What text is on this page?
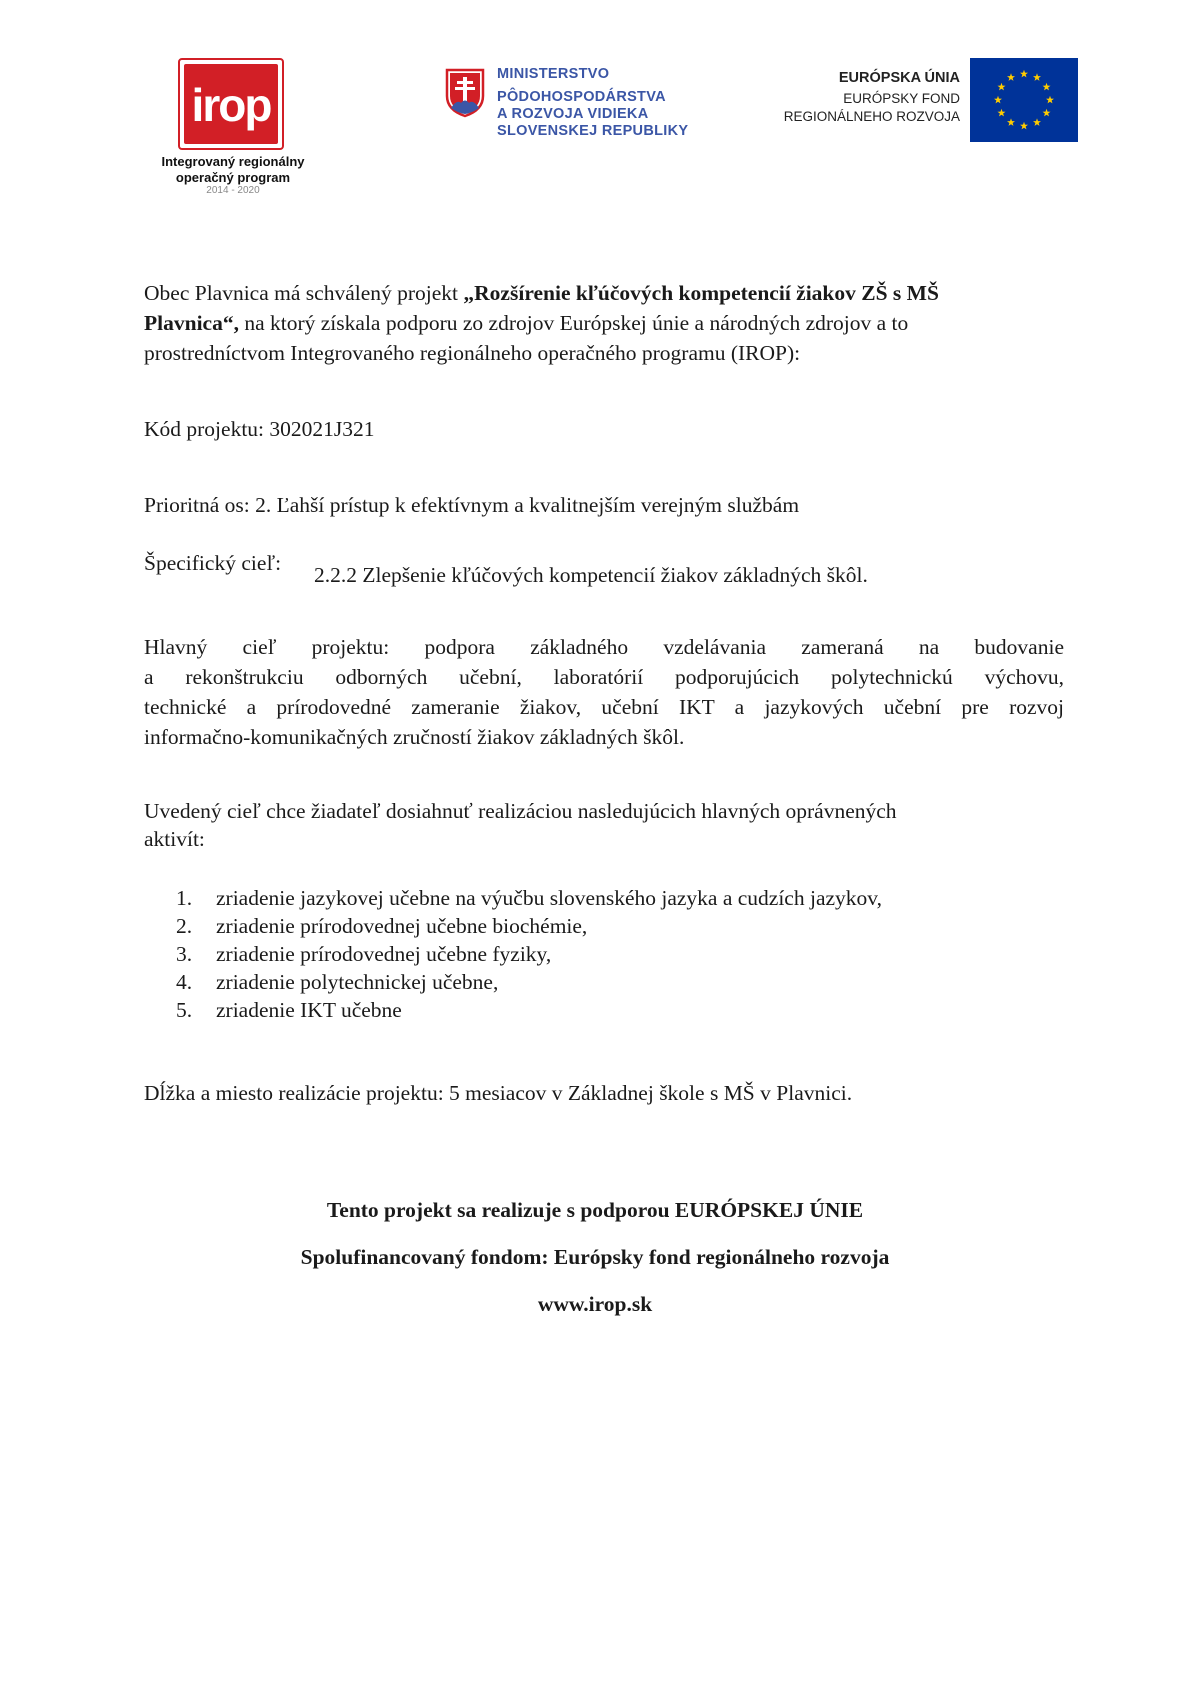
irop
Integrovaný regionálny
operačný program
2014 - 2020
MINISTERSTVO
PÔDOHOSPODÁRSTVA
A ROZVOJA VIDIEKA
SLOVENSKEJ REPUBLIKY
EURÓPSKA ÚNIA
EURÓPSKY FOND
REGIONÁLNEHO ROZVOJA
Obec Plavnica má schválený projekt „Rozšírenie kľúčových kompetencií žiakov ZŠ s MŠ
Plavnica“, na ktorý získala podporu zo zdrojov Európskej únie a národných zdrojov a to
prostredníctvom Integrovaného regionálneho operačného programu (IROP):
Kód projektu: 302021J321
Prioritná os: 2. Ľahší prístup k efektívnym a kvalitnejším verejným službám
Špecifický cieľ: 2.2.2 Zlepšenie kľúčových kompetencií žiakov základných škôl.
Hlavný cieľ projektu: podpora základného vzdelávania zameraná na budovanie
a rekonštrukciu odborných učební, laboratórií podporujúcich polytechnickú výchovu,
technické a prírodovedné zameranie žiakov, učební IKT a jazykových učební pre rozvoj
informačno-komunikačných zručností žiakov základných škôl.
Uvedený cieľ chce žiadateľ dosiahnuť realizáciou nasledujúcich hlavných oprávnených
aktivít:
1. zriadenie jazykovej učebne na výučbu slovenského jazyka a cudzích jazykov,
2. zriadenie prírodovednej učebne biochémie,
3. zriadenie prírodovednej učebne fyziky,
4. zriadenie polytechnickej učebne,
5. zriadenie IKT učebne
Dĺžka a miesto realizácie projektu: 5 mesiacov v Základnej škole s MŠ v Plavnici.
Tento projekt sa realizuje s podporou EURÓPSKEJ ÚNIE
Spolufinancovaný fondom: Európsky fond regionálneho rozvoja
www.irop.sk
